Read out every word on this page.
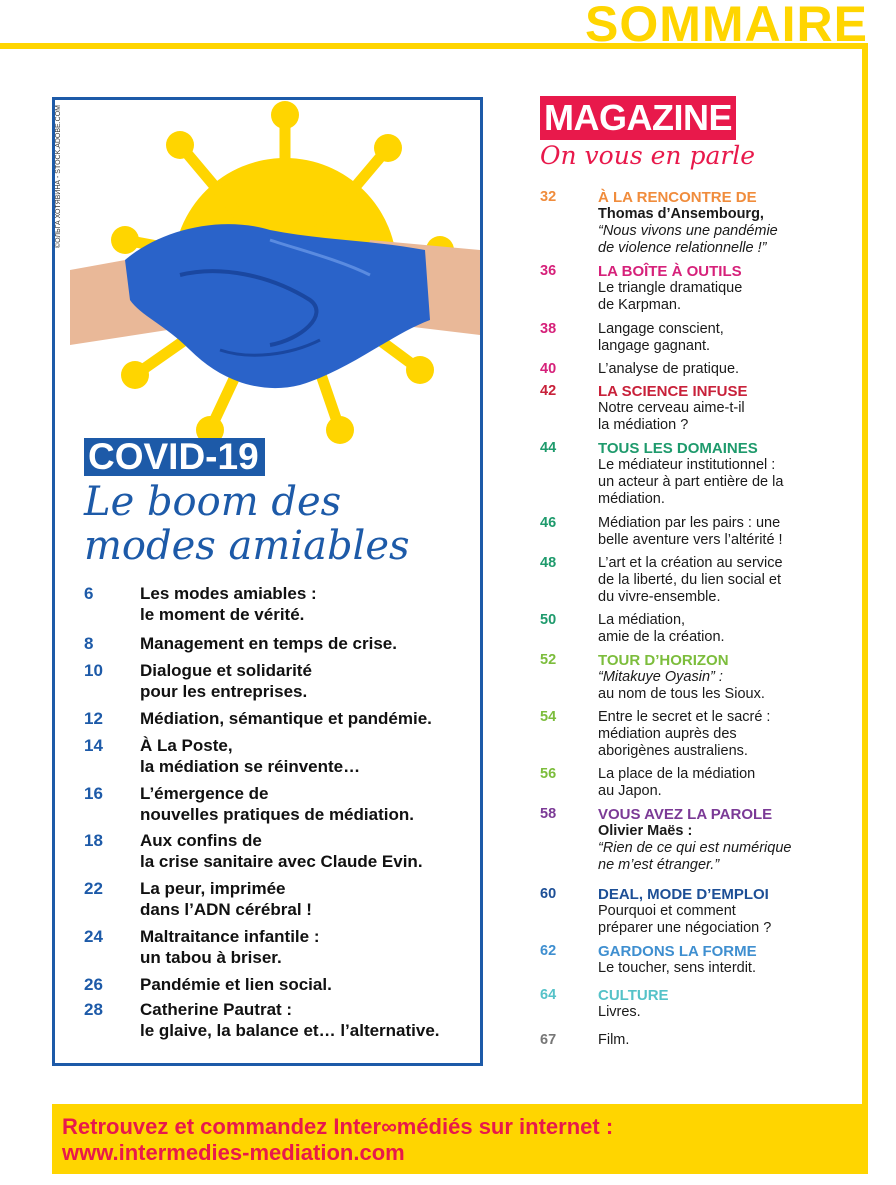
SOMMAIRE
©ОЛЬГА ХОТЯВИНА - STOCK.ADOBE.COM
COVID-19
Le boom des
modes amiables
6	Les modes amiables :
le moment de vérité.
8	Management en temps de crise.
10	Dialogue et solidarité
pour les entreprises.
12	Médiation, sémantique et pandémie.
14	À La Poste,
la médiation se réinvente…
16	L’émergence de
nouvelles pratiques de médiation.
18	Aux confins de
la crise sanitaire avec Claude Evin.
22	La peur, imprimée
dans l’ADN cérébral !
24	Maltraitance infantile :
un tabou à briser.
26	Pandémie et lien social.
28	Catherine Pautrat :
le glaive, la balance et… l’alternative.
MAGAZINE
On vous en parle
32	À LA RENCONTRE DE
Thomas d’Ansembourg,
“Nous vivons une pandémie
de violence relationnelle !”
36	LA BOÎTE À OUTILS
Le triangle dramatique
de Karpman.
38	Langage conscient,
langage gagnant.
40	L’analyse de pratique.
42	LA SCIENCE INFUSE
Notre cerveau aime-t-il
la médiation ?
44	TOUS LES DOMAINES
Le médiateur institutionnel :
un acteur à part entière de la
médiation.
46	Médiation par les pairs : une
belle aventure vers l’altérité !
48	L’art et la création au service
de la liberté, du lien social et
du vivre-ensemble.
50	La médiation,
amie de la création.
52	TOUR D’HORIZON
“Mitakuye Oyasin” :
au nom de tous les Sioux.
54	Entre le secret et le sacré :
médiation auprès des
aborigènes australiens.
56	La place de la médiation
au Japon.
58	VOUS AVEZ LA PAROLE
Olivier Maës :
“Rien de ce qui est numérique
ne m’est étranger.”
60	DEAL, MODE D’EMPLOI
Pourquoi et comment
préparer une négociation ?
62	GARDONS LA FORME
Le toucher, sens interdit.
64	CULTURE
Livres.
67	Film.
Retrouvez et commandez Inter∞médiés sur internet :
www.intermedies-mediation.com
